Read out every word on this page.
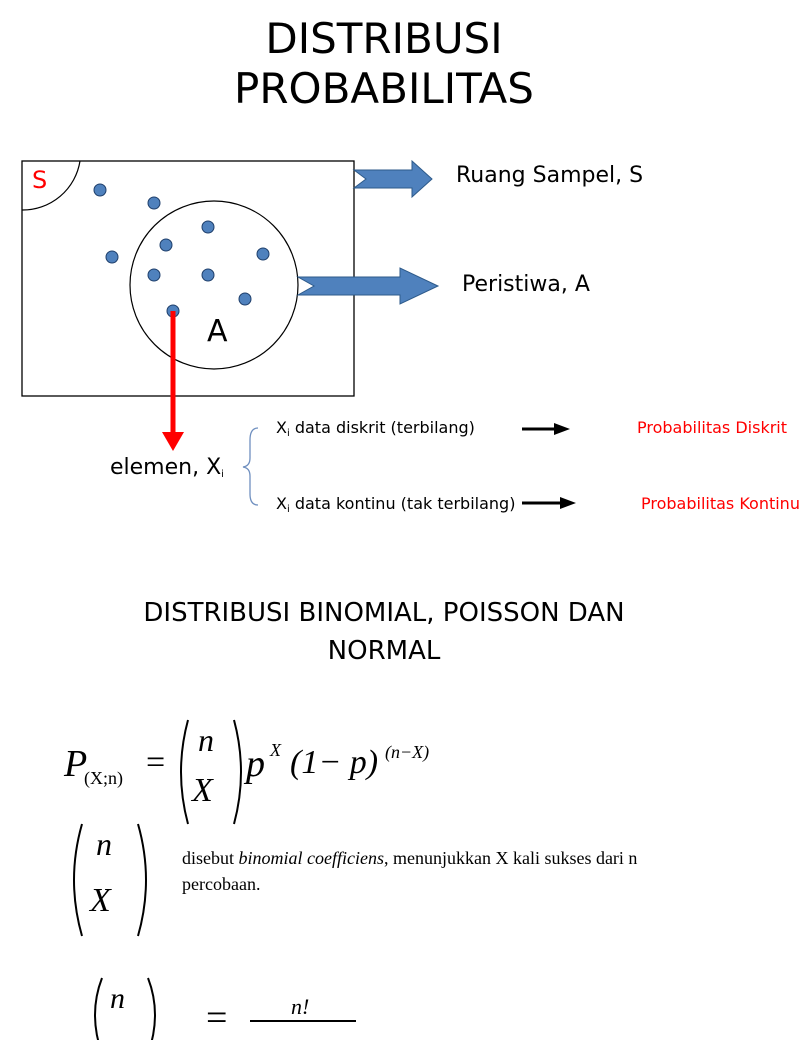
DISTRIBUSI
PROBABILITAS
S
A
Ruang Sampel, S
Peristiwa, A
elemen, $X_i$
$X_i$ data diskrit (terbilang)	Probabilitas Diskrit
$X_i$ data kontinu (tak terbilang)	Probabilitas Kontinu
DISTRIBUSI BINOMIAL, POISSON DAN
NORMAL
P
(X;n) =
n
X
p X (1− p) (n−X)
n
X
disebut binomial coefficiens, menunjukkan X kali sukses dari n
percobaan.
n =	n!
